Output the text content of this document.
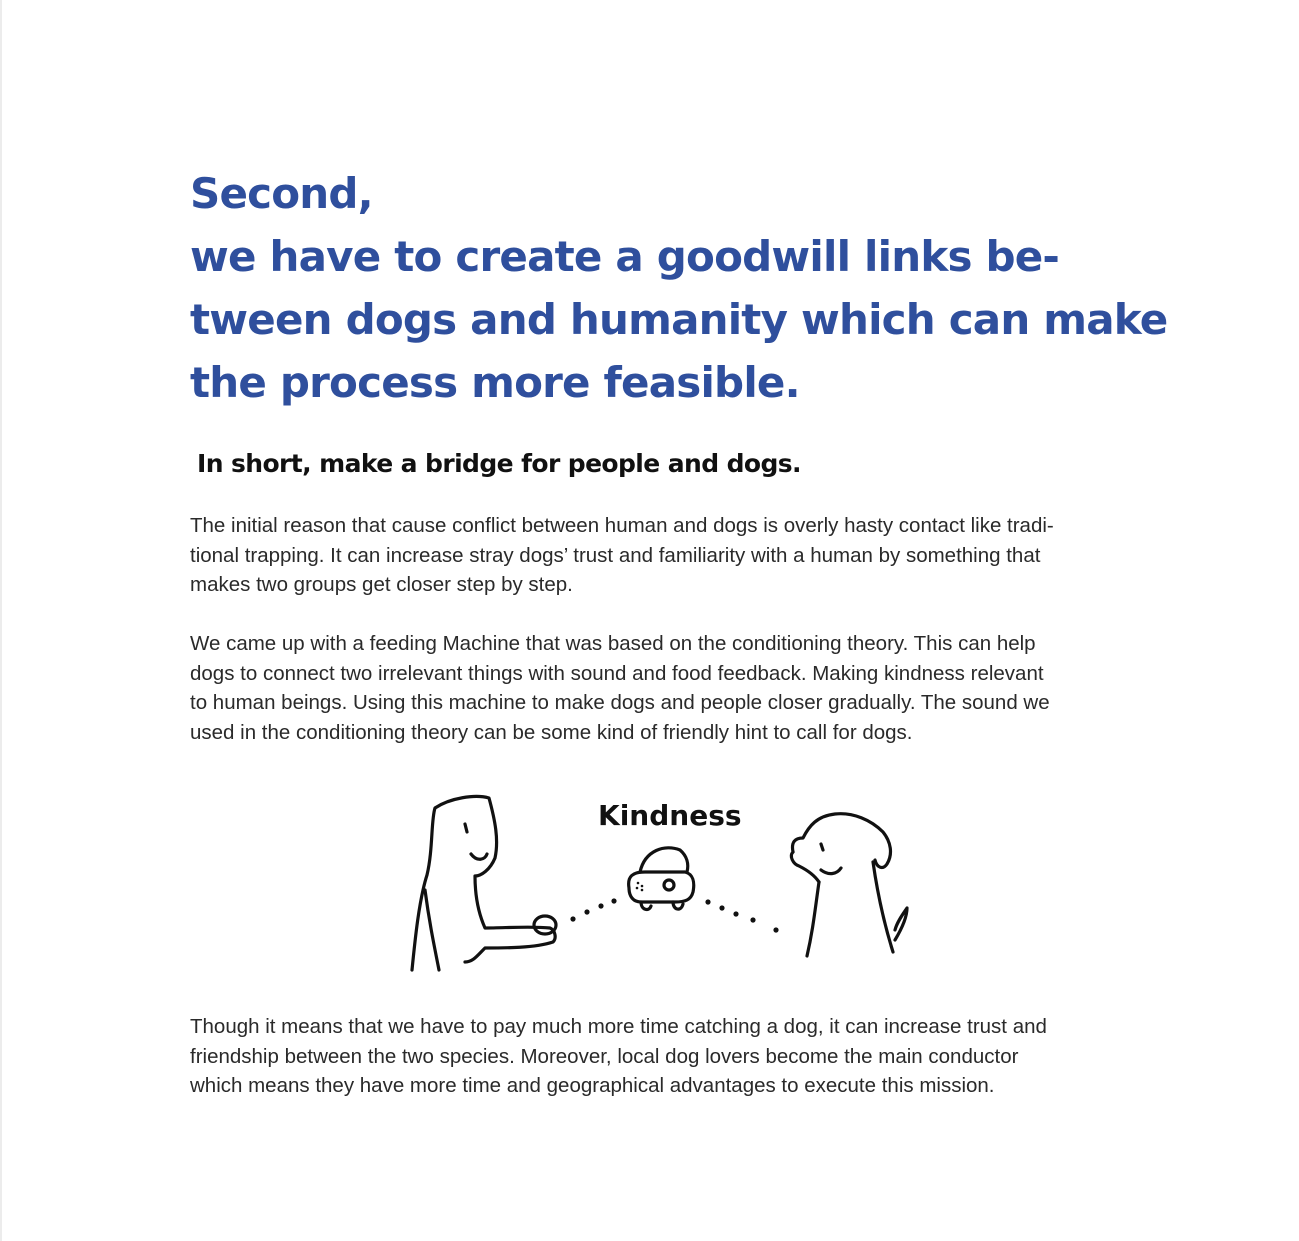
Second,
we have to create a goodwill links be-
tween dogs and humanity which can make
the process more feasible.
In short, make a bridge for people and dogs.

The initial reason that cause conflict between human and dogs is overly hasty contact like tradi-
tional trapping. It can increase stray dogs’ trust and familiarity with a human by something that
makes two groups get closer step by step.

We came up with a feeding Machine that was based on the conditioning theory. This can help
dogs to connect two irrelevant things with sound and food feedback. Making kindness relevant
to human beings. Using this machine to make dogs and people closer gradually. The sound we
used in the conditioning theory can be some kind of friendly hint to call for dogs.

Kindness

Though it means that we have to pay much more time catching a dog, it can increase trust and
friendship between the two species. Moreover, local dog lovers become the main conductor
which means they have more time and geographical advantages to execute this mission.
